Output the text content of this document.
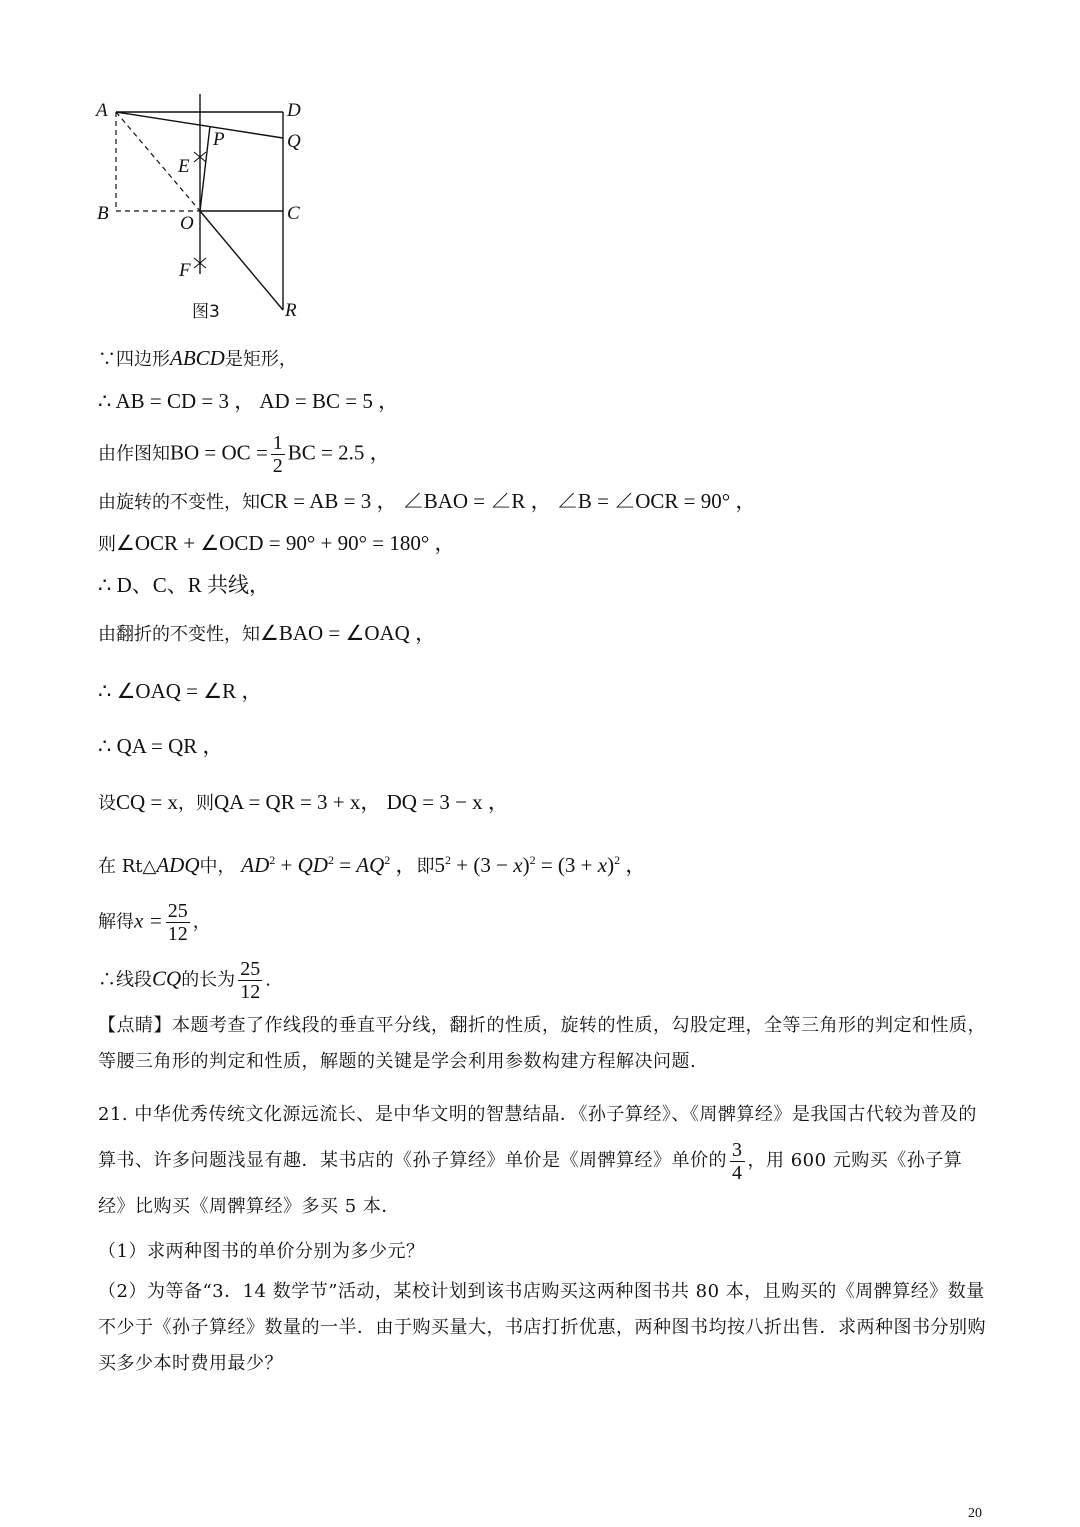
A	D
P	Q
E
B	O	C
F
R
图3
∵四边形ABCD是矩形，
∴ AB = CD = 3 ， AD = BC = 5 ，
由作图知BO = OC = $\frac{1}{2}$ BC = 2.5 ，
由旋转的不变性，知CR = AB = 3 ， ∠BAO = ∠R ， ∠B = ∠OCR = 90° ，
则∠OCR + ∠OCD = 90° + 90° = 180° ，
∴ D、C、R 共线，
由翻折的不变性，知∠BAO = ∠OAQ ，
∴ ∠OAQ = ∠R ，
∴ QA = QR ，
设CQ = x，则QA = QR = 3 + x， DQ = 3 − x ，
在 Rt△ADQ中， $AD^2 + QD^2 = AQ^2$ ，即$5^2 + (3 - x)^2 = (3 + x)^2$ ，
解得$x = \frac{25}{12}$ ，
∴线段CQ的长为 $\frac{25}{12}$ .
【点睛】本题考查了作线段的垂直平分线，翻折的性质，旋转的性质，勾股定理，全等三角形的判定和性质，等腰三角形的判定和性质，解题的关键是学会利用参数构建方程解决问题.
21. 中华优秀传统文化源远流长、是中华文明的智慧结晶．《孙子算经》、《周髀算经》是我国古代较为普及的算书、许多问题浅显有趣．某书店的《孙子算经》单价是《周髀算经》单价的 $\frac{3}{4}$ ，用 600 元购买《孙子算经》比购买《周髀算经》多买 5 本．
（1）求两种图书的单价分别为多少元？
（2）为等备“3．14 数学节”活动，某校计划到该书店购买这两种图书共 80 本，且购买的《周髀算经》数量不少于《孙子算经》数量的一半．由于购买量大，书店打折优惠，两种图书均按八折出售．求两种图书分别购买多少本时费用最少？
20
